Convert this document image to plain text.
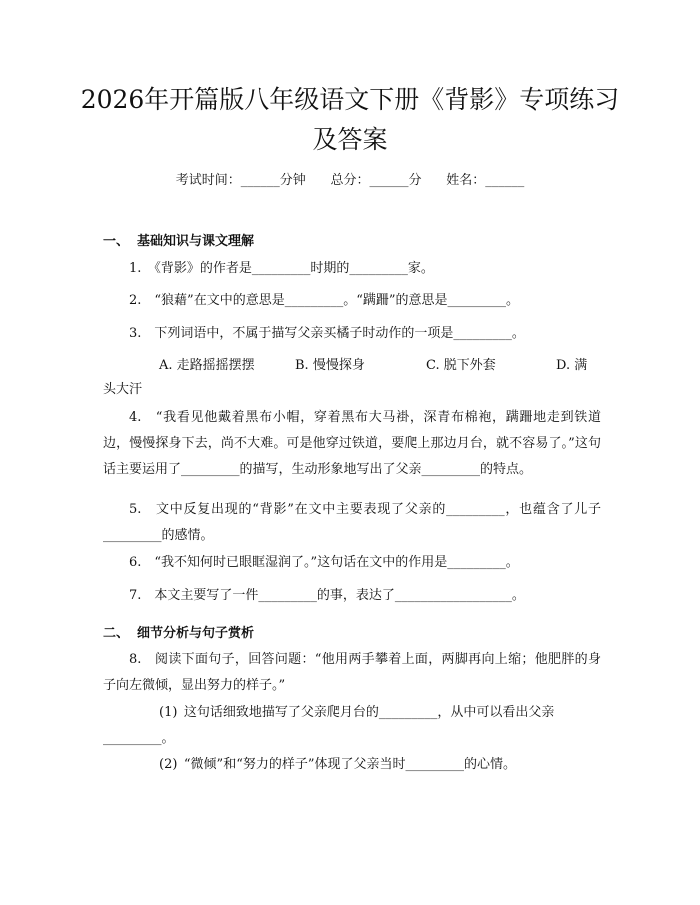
2026年开篇版八年级语文下册《背影》专项练习及答案
考试时间：______分钟      总分：______分      姓名：______
一、 基础知识与课文理解
1.　《背影》的作者是_________时期的_________家。
2.　“狼藉”在文中的意思是_________。“蹒跚”的意思是_________。
3.　下列词语中，不属于描写父亲买橘子时动作的一项是_________。
A. 走路摇摇摆摆	B. 慢慢探身	C. 脱下外套	D. 满
头大汗
4.　“我看见他戴着黑布小帽，穿着黑布大马褂，深青布棉袍，蹒跚地走到铁道边，慢慢探身下去，尚不大难。可是他穿过铁道，要爬上那边月台，就不容易了。”这句话主要运用了_________的描写，生动形象地写出了父亲_________的特点。
5.　文中反复出现的“背影”在文中主要表现了父亲的_________，也蕴含了儿子_________的感情。
6.　“我不知何时已眼眶湿润了。”这句话在文中的作用是_________。
7.　本文主要写了一件_________的事，表达了__________________。
二、 细节分析与句子赏析
8.　阅读下面句子，回答问题：“他用两手攀着上面，两脚再向上缩；他肥胖的身子向左微倾，显出努力的样子。”
(1) 这句话细致地描写了父亲爬月台的_________，从中可以看出父亲_________。
(2) “微倾”和“努力的样子”体现了父亲当时_________的心情。
